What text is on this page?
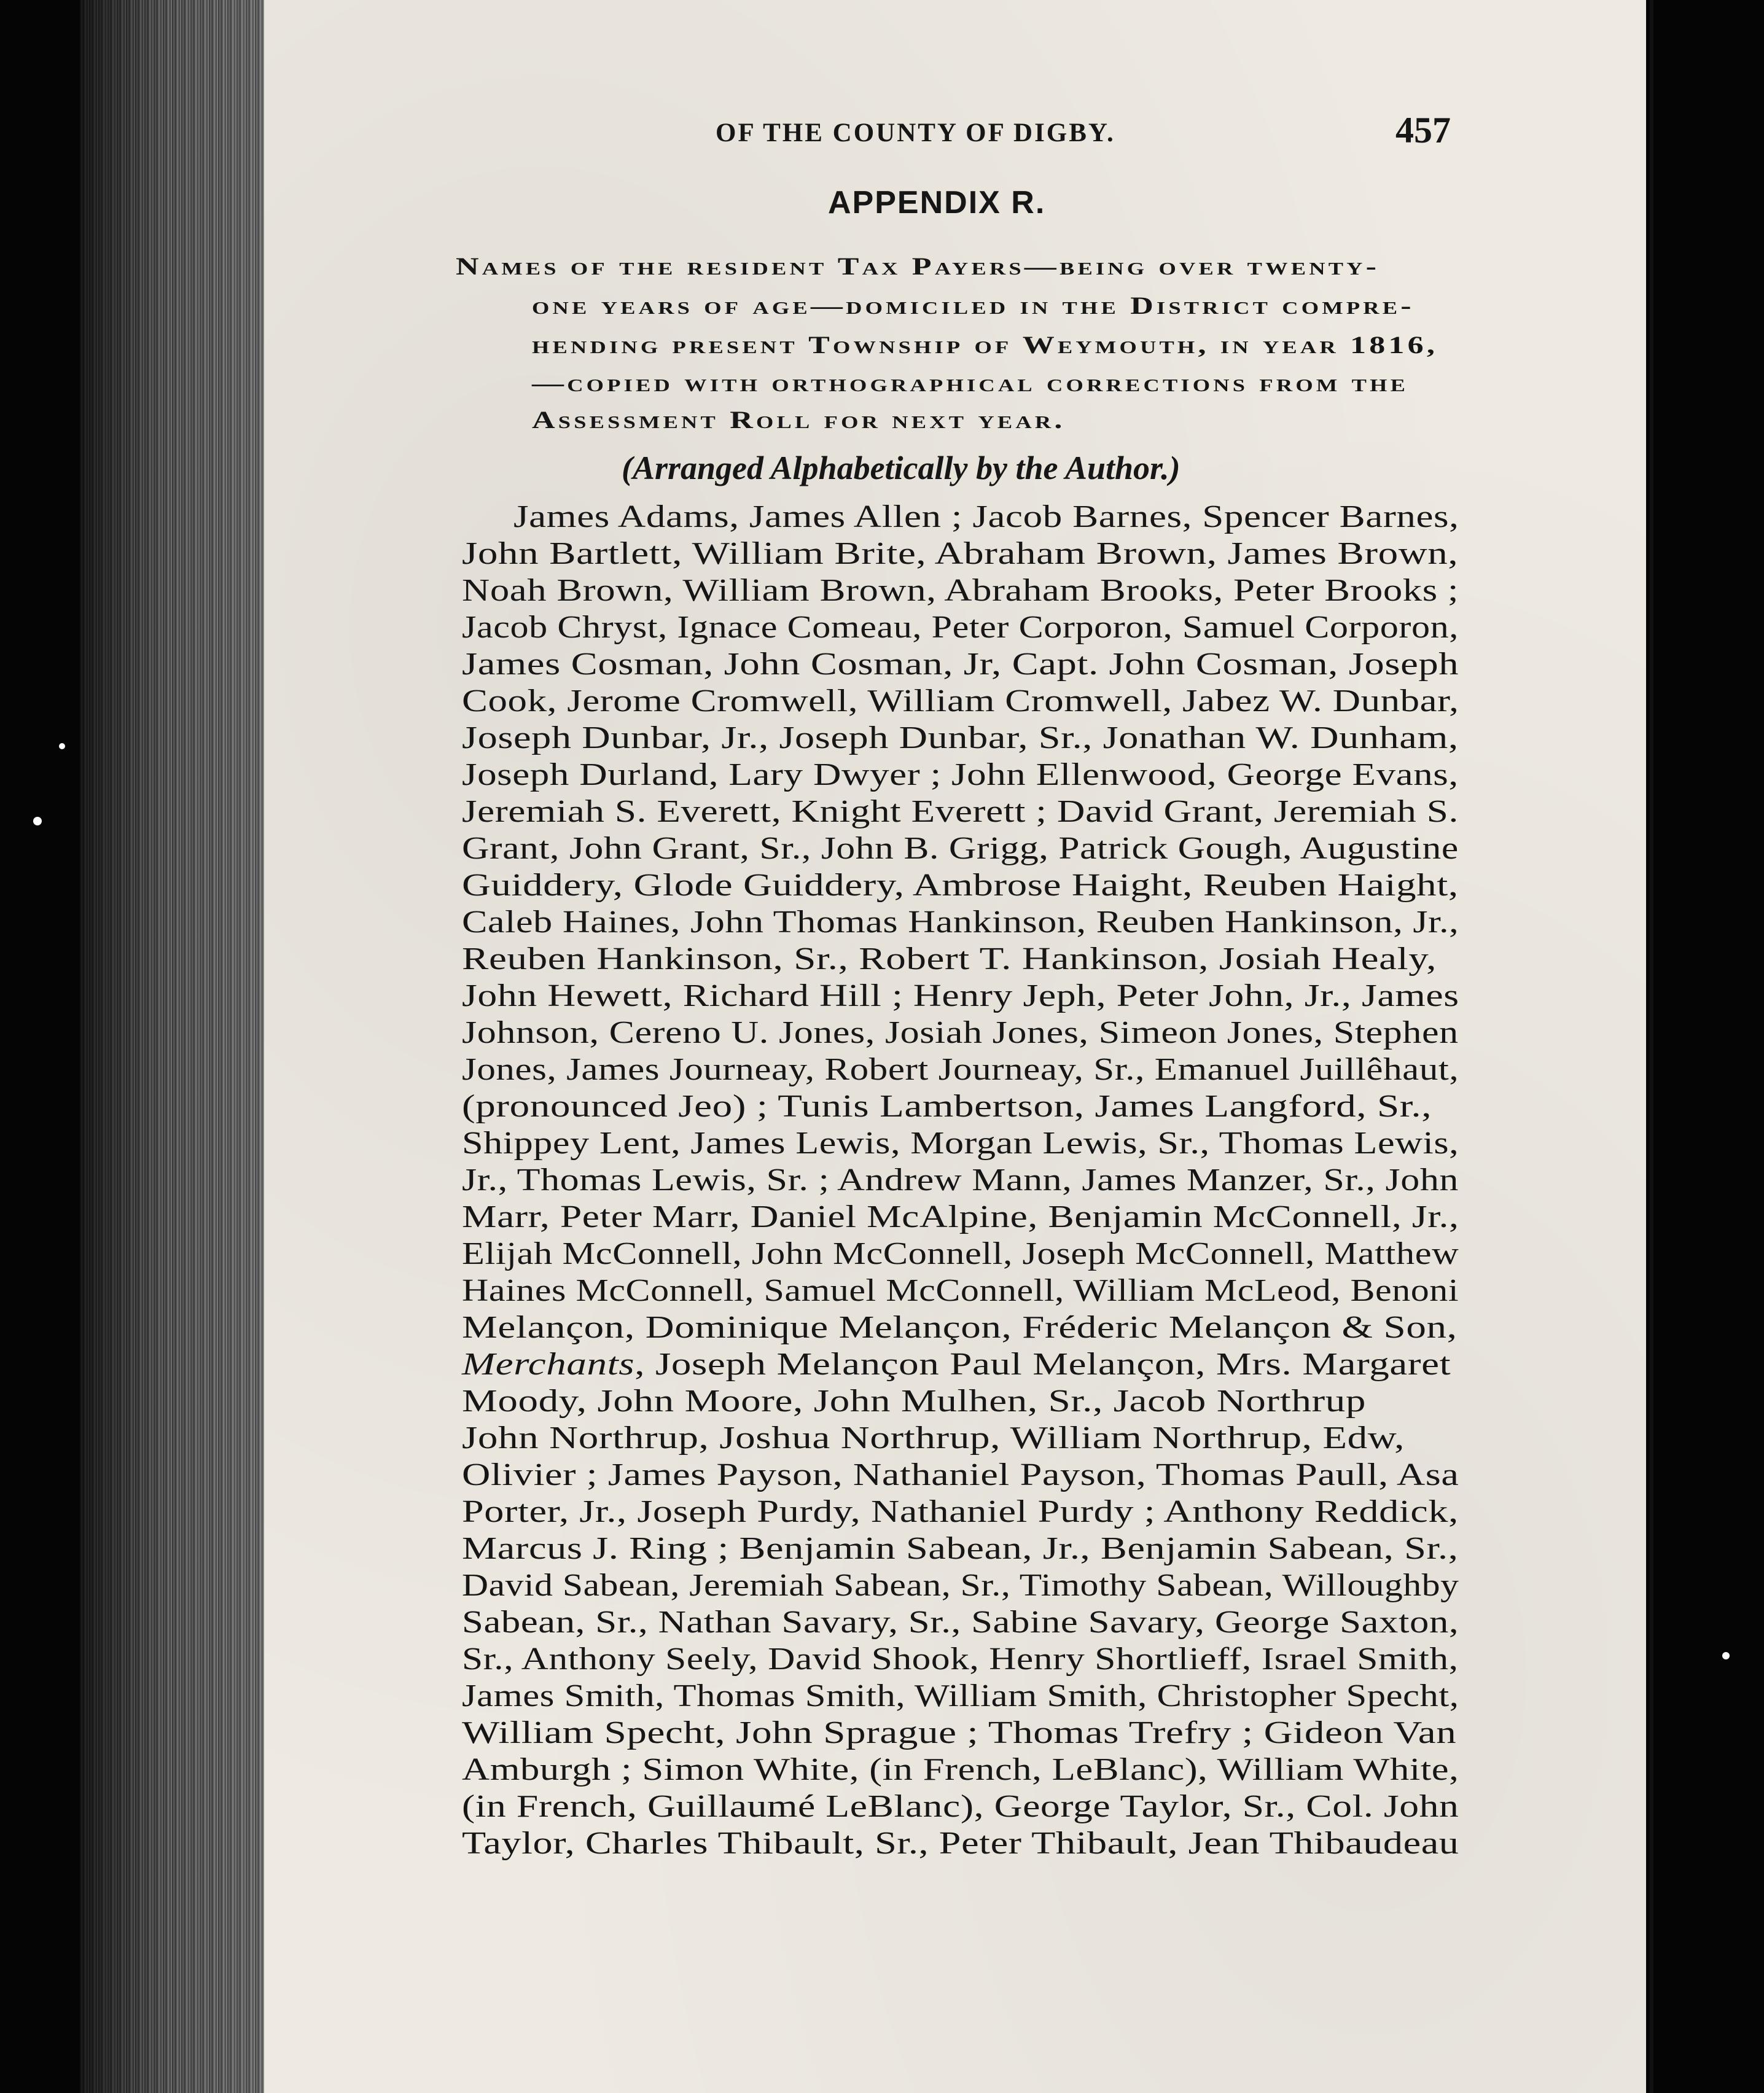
OF THE COUNTY OF DIGBY.	457
APPENDIX R.
Names of the resident Tax Payers—being over twenty-
one years of age—domiciled in the District compre-
hending present Township of Weymouth, in year 1816,
—copied with orthographical corrections from the
Assessment Roll for next year.
(Arranged Alphabetically by the Author.)
James Adams, James Allen ; Jacob Barnes, Spencer Barnes,
John Bartlett, William Brite, Abraham Brown, James Brown,
Noah Brown, William Brown, Abraham Brooks, Peter Brooks ;
Jacob Chryst, Ignace Comeau, Peter Corporon, Samuel Corporon,
James Cosman, John Cosman, Jr, Capt. John Cosman, Joseph
Cook, Jerome Cromwell, William Cromwell, Jabez W. Dunbar,
Joseph Dunbar, Jr., Joseph Dunbar, Sr., Jonathan W. Dunham,
Joseph Durland, Lary Dwyer ; John Ellenwood, George Evans,
Jeremiah S. Everett, Knight Everett ; David Grant, Jeremiah S.
Grant, John Grant, Sr., John B. Grigg, Patrick Gough, Augustine
Guiddery, Glode Guiddery, Ambrose Haight, Reuben Haight,
Caleb Haines, John Thomas Hankinson, Reuben Hankinson, Jr.,
Reuben Hankinson, Sr., Robert T. Hankinson, Josiah Healy,
John Hewett, Richard Hill ; Henry Jeph, Peter John, Jr., James
Johnson, Cereno U. Jones, Josiah Jones, Simeon Jones, Stephen
Jones, James Journeay, Robert Journeay, Sr., Emanuel Juillêhaut,
(pronounced Jeo) ; Tunis Lambertson, James Langford, Sr.,
Shippey Lent, James Lewis, Morgan Lewis, Sr., Thomas Lewis,
Jr., Thomas Lewis, Sr. ; Andrew Mann, James Manzer, Sr., John
Marr, Peter Marr, Daniel McAlpine, Benjamin McConnell, Jr.,
Elijah McConnell, John McConnell, Joseph McConnell, Matthew
Haines McConnell, Samuel McConnell, William McLeod, Benoni
Melançon, Dominique Melançon, Fréderic Melançon & Son,
Merchants, Joseph Melançon Paul Melançon, Mrs. Margaret
Moody, John Moore, John Mulhen, Sr., Jacob Northrup
John Northrup, Joshua Northrup, William Northrup, Edw,
Olivier ; James Payson, Nathaniel Payson, Thomas Paull, Asa
Porter, Jr., Joseph Purdy, Nathaniel Purdy ; Anthony Reddick,
Marcus J. Ring ; Benjamin Sabean, Jr., Benjamin Sabean, Sr.,
David Sabean, Jeremiah Sabean, Sr., Timothy Sabean, Willoughby
Sabean, Sr., Nathan Savary, Sr., Sabine Savary, George Saxton,
Sr., Anthony Seely, David Shook, Henry Shortlieff, Israel Smith,
James Smith, Thomas Smith, William Smith, Christopher Specht,
William Specht, John Sprague ; Thomas Trefry ; Gideon Van
Amburgh ; Simon White, (in French, LeBlanc), William White,
(in French, Guillaumé LeBlanc), George Taylor, Sr., Col. John
Taylor, Charles Thibault, Sr., Peter Thibault, Jean Thibaudeau
